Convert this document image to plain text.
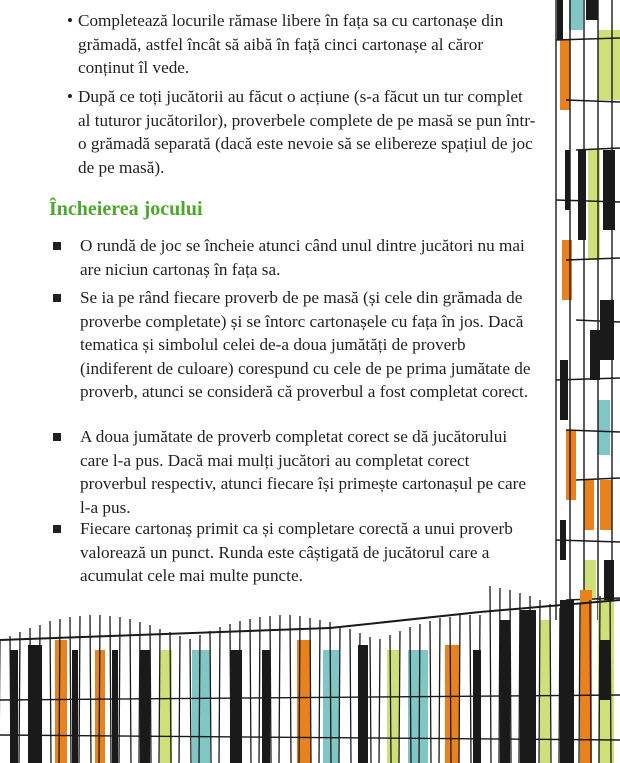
• Completează locurile rămase libere în fața sa cu cartonașe din grămadă, astfel încât să aibă în față cinci cartonașe al căror conținut îl vede.
• După ce toți jucătorii au făcut o acțiune (s-a făcut un tur complet al tuturor jucătorilor), proverbele complete de pe masă se pun într-o grămadă separată (dacă este nevoie să se elibereze spațiul de joc de pe masă).
Încheierea jocului
O rundă de joc se încheie atunci când unul dintre jucători nu mai are niciun cartonaș în fața sa.
Se ia pe rând fiecare proverb de pe masă (și cele din grămada de proverbe completate) și se întorc cartonașele cu fața în jos. Dacă tematica și simbolul celei de-a doua jumătăți de proverb (indiferent de culoare) corespund cu cele de pe prima jumătate de proverb, atunci se consideră că proverbul a fost completat corect.
A doua jumătate de proverb completat corect se dă jucătorului care l-a pus. Dacă mai mulți jucători au completat corect proverbul respectiv, atunci fiecare își primește cartonașul pe care l-a pus.
Fiecare cartonaș primit ca și completare corectă a unui proverb valorează un punct. Runda este câștigată de jucătorul care a acumulat cele mai multe puncte.
